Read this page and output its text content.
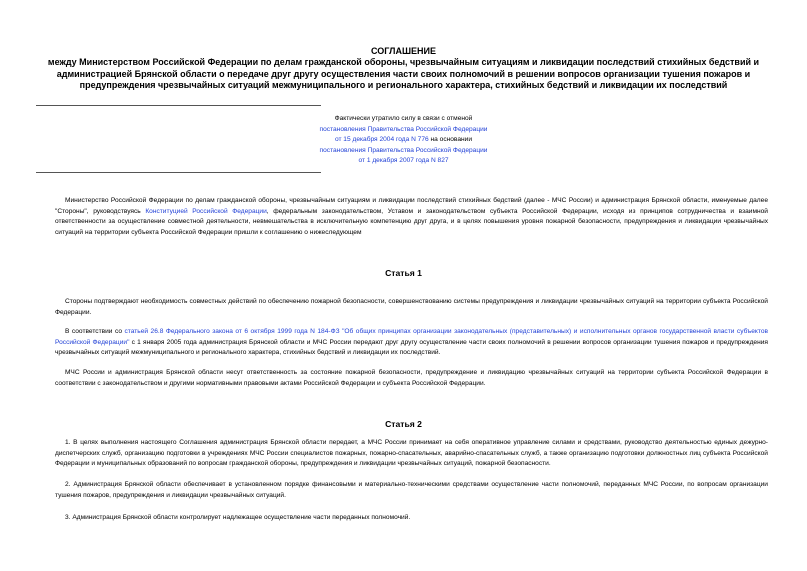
СОГЛАШЕНИЕ
между Министерством Российской Федерации по делам гражданской обороны, чрезвычайным ситуациям и ликвидации последствий стихийных бедствий и администрацией Брянской области о передаче друг другу осуществления части своих полномочий в решении вопросов организации тушения пожаров и предупреждения чрезвычайных ситуаций межмуниципального и регионального характера, стихийных бедствий и ликвидации их последствий
Фактически утратило силу в связи с отменой
постановления Правительства Российской Федерации
от 15 декабря 2004 года N 776 на основании
постановления Правительства Российской Федерации
от 1 декабря 2007 года N 827
Министерство Российской Федерации по делам гражданской обороны, чрезвычайным ситуациям и ликвидации последствий стихийных бедствий (далее - МЧС России) и администрация Брянской области, именуемые далее "Стороны", руководствуясь Конституцией Российской Федерации, федеральным законодательством, Уставом и законодательством субъекта Российской Федерации, исходя из принципов сотрудничества и взаимной ответственности за осуществление совместной деятельности, невмешательства в исключительную компетенцию друг друга, и в целях повышения уровня пожарной безопасности, предупреждения и ликвидации чрезвычайных ситуаций на территории субъекта Российской Федерации пришли к соглашению о нижеследующем
Статья 1
Стороны подтверждают необходимость совместных действий по обеспечению пожарной безопасности, совершенствованию системы предупреждения и ликвидации чрезвычайных ситуаций на территории субъекта Российской Федерации.
В соответствии со статьей 26.8 Федерального закона от 6 октября 1999 года N 184-ФЗ "Об общих принципах организации законодательных (представительных) и исполнительных органов государственной власти субъектов Российской Федерации" с 1 января 2005 года администрация Брянской области и МЧС России передают друг другу осуществление части своих полномочий в решении вопросов организации тушения пожаров и предупреждения чрезвычайных ситуаций межмуниципального и регионального характера, стихийных бедствий и ликвидации их последствий.
МЧС России и администрация Брянской области несут ответственность за состояние пожарной безопасности, предупреждение и ликвидацию чрезвычайных ситуаций на территории субъекта Российской Федерации в соответствии с законодательством и другими нормативными правовыми актами Российской Федерации и субъекта Российской Федерации.
Статья 2
1. В целях выполнения настоящего Соглашения администрация Брянской области передает, а МЧС России принимает на себя оперативное управление силами и средствами, руководство деятельностью единых дежурно-диспетчерских служб, организацию подготовки в учреждениях МЧС России специалистов пожарных, пожарно-спасательных, аварийно-спасательных служб, а также организацию подготовки должностных лиц субъекта Российской Федерации и муниципальных образований по вопросам гражданской обороны, предупреждения и ликвидации чрезвычайных ситуаций, пожарной безопасности.
2. Администрация Брянской области обеспечивает в установленном порядке финансовыми и материально-техническими средствами осуществление части полномочий, переданных МЧС России, по вопросам организации тушения пожаров, предупреждения и ликвидации чрезвычайных ситуаций.
3. Администрация Брянской области контролирует надлежащее осуществление части переданных полномочий.
